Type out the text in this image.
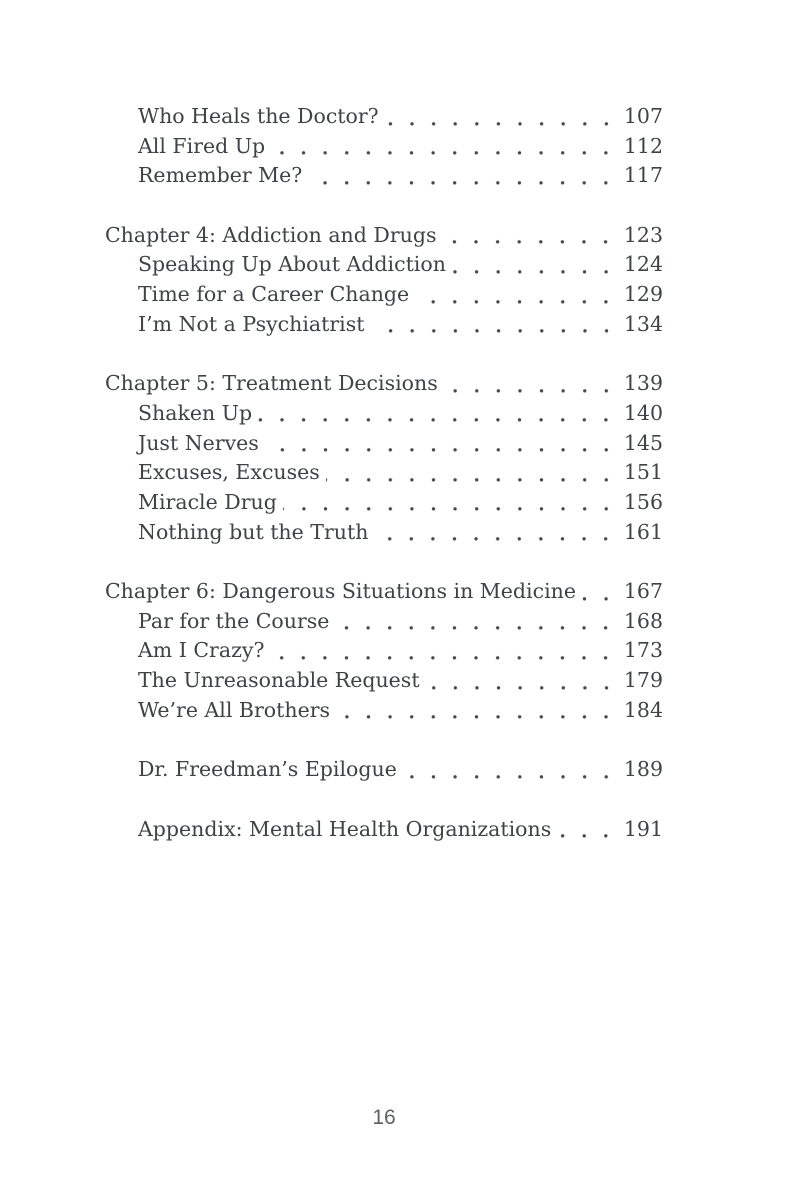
Who Heals the Doctor?	107
All Fired Up	112
Remember Me?	117
Chapter 4: Addiction and Drugs	123
Speaking Up About Addiction	124
Time for a Career Change	129
I’m Not a Psychiatrist	134
Chapter 5: Treatment Decisions	139
Shaken Up	140
Just Nerves	145
Excuses, Excuses	151
Miracle Drug	156
Nothing but the Truth	161
Chapter 6: Dangerous Situations in Medicine 167
Par for the Course	168
Am I Crazy?	173
The Unreasonable Request	179
We’re All Brothers	184
Dr. Freedman’s Epilogue	189
Appendix: Mental Health Organizations	191
16
